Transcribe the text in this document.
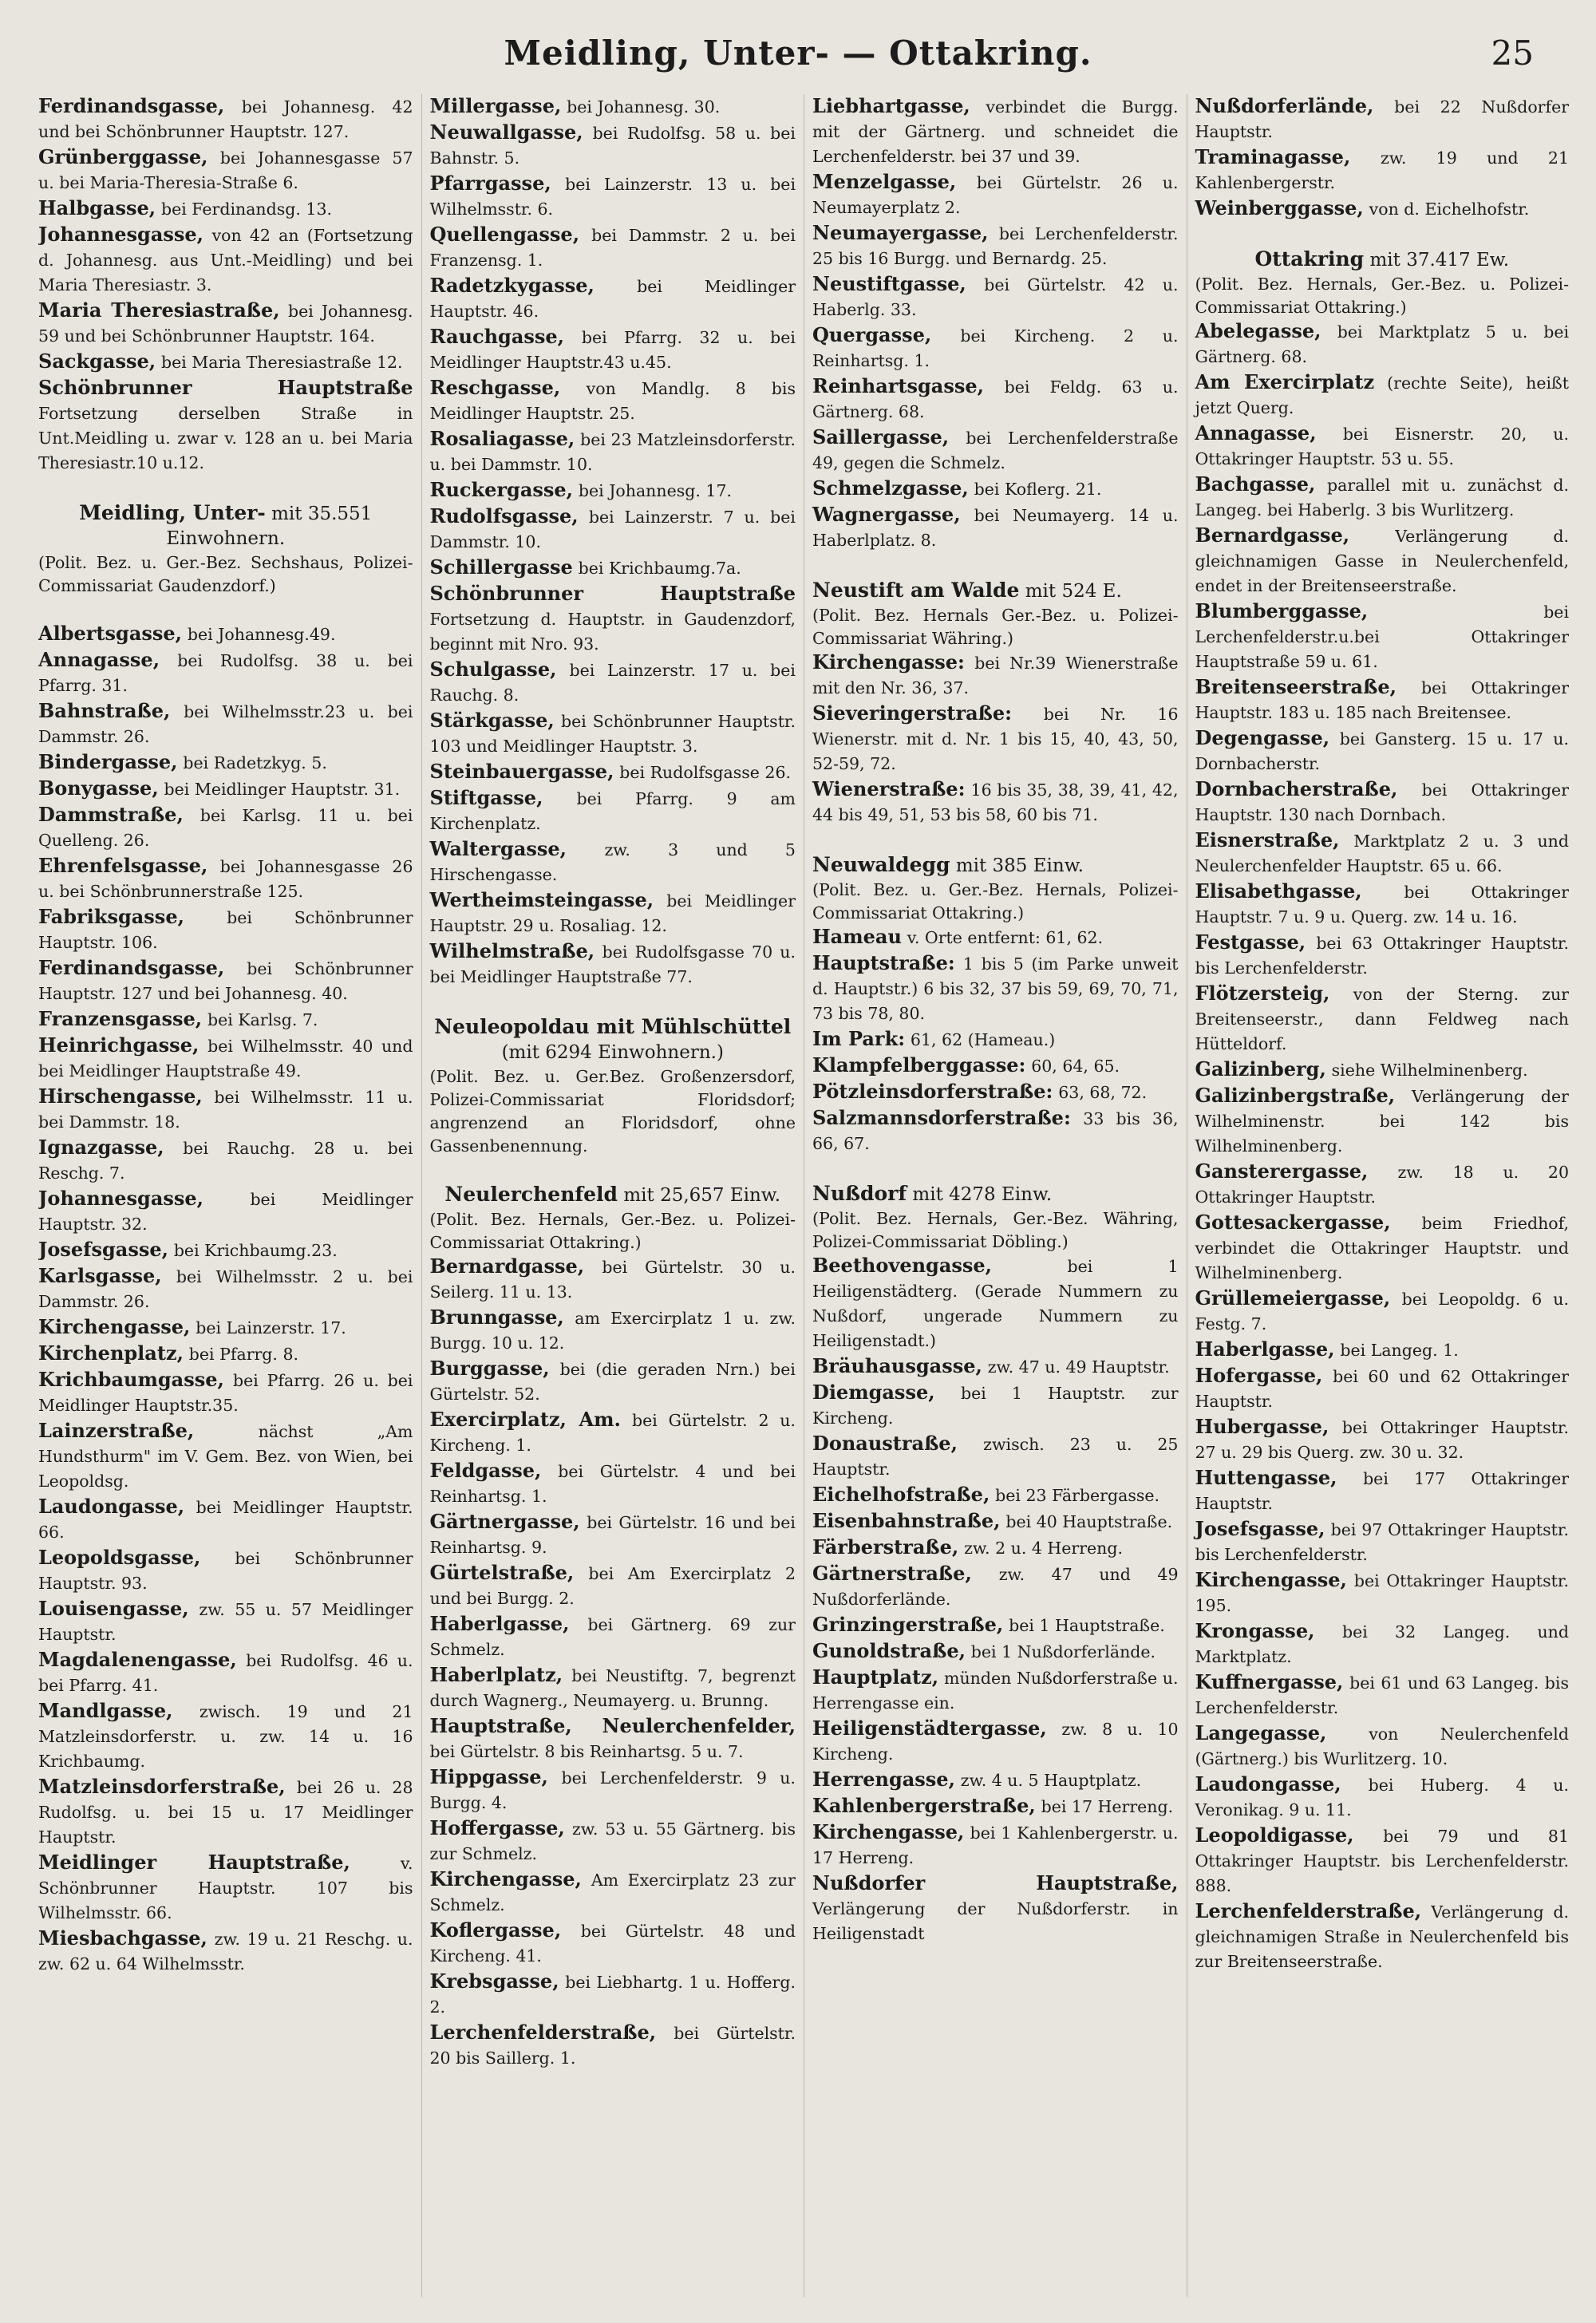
Meidling, Unter- — Ottakring.	25
Ferdinandsgasse, bei Johannesg. 42 und bei Schönbrunner Hauptstr. 127.
Grünberggasse, bei Johannesgasse 57 u. bei Maria-Theresia-Straße 6.
Halbgasse, bei Ferdinandsg. 13.
Johannesgasse, von 42 an (Fortsetzung d. Johannesg. aus Unt.-Meidling) und bei Maria Theresiastr. 3.
Maria Theresiastraße, bei Johannesg. 59 und bei Schönbrunner Hauptstr. 164.
Sackgasse, bei Maria Theresiastraße 12.
Schönbrunner Hauptstraße Fortsetzung derselben Straße in Unt.Meidling u. zwar v. 128 an u. bei Maria Theresiastr.10 u.12.
Meidling, Unter- mit 35.551 Einwohnern.
(Polit. Bez. u. Ger.-Bez. Sechshaus, Polizei-Commissariat Gaudenzdorf.)
Albertsgasse, bei Johannesg.49.
Annagasse, bei Rudolfsg. 38 u. bei Pfarrg. 31.
Bahnstraße, bei Wilhelmsstr.23 u. bei Dammstr. 26.
Bindergasse, bei Radetzkyg. 5.
Bonygasse, bei Meidlinger Hauptstr. 31.
Dammstraße, bei Karlsg. 11 u. bei Quelleng. 26.
Ehrenfelsgasse, bei Johannesgasse 26 u. bei Schönbrunnerstraße 125.
Fabriksgasse,	bei Schönbrunner Hauptstr. 106.
Ferdinandsgasse, bei Schönbrunner Hauptstr. 127 und bei Johannesg. 40.
Franzensgasse, bei Karlsg. 7.
Heinrichgasse, bei Wilhelmsstr. 40 und bei Meidlinger Hauptstraße 49.
Hirschengasse, bei Wilhelmsstr. 11 u. bei Dammstr. 18.
Ignazgasse, bei Rauchg. 28 u. bei Reschg. 7.
Johannesgasse,	bei Meidlinger Hauptstr. 32.
Josefsgasse, bei Krichbaumg.23.
Karlsgasse, bei Wilhelmsstr. 2 u. bei Dammstr. 26.
Kirchengasse, bei Lainzerstr. 17.
Kirchenplatz, bei Pfarrg. 8.
Krichbaumgasse, bei Pfarrg. 26 u. bei Meidlinger Hauptstr.35.
Lainzerstraße,	nächst „Am Hundsthurm" im V. Gem. Bez. von Wien, bei Leopoldsg.
Laudongasse, bei Meidlinger Hauptstr. 66.
Leopoldsgasse, bei Schönbrunner Hauptstr. 93.
Louisengasse, zw. 55 u. 57 Meidlinger Hauptstr.
Magdalenengasse, bei Rudolfsg. 46 u. bei Pfarrg. 41.
Mandlgasse, zwisch. 19 und 21 Matzleinsdorferstr. u. zw. 14 u. 16 Krichbaumg.
Matzleinsdorferstraße, bei 26 u. 28 Rudolfsg. u. bei 15 u. 17 Meidlinger Hauptstr.
Meidlinger Hauptstraße,	v. Schönbrunner Hauptstr. 107 bis Wilhelmsstr. 66.
Miesbachgasse, zw. 19 u. 21 Reschg. u. zw. 62 u. 64 Wilhelmsstr.
Millergasse, bei Johannesg. 30.
Neuwallgasse, bei Rudolfsg. 58 u. bei Bahnstr. 5.
Pfarrgasse, bei Lainzerstr. 13 u. bei Wilhelmsstr. 6.
Quellengasse, bei Dammstr. 2 u. bei Franzensg. 1.
Radetzkygasse,	bei Meidlinger Hauptstr. 46.
Rauchgasse, bei Pfarrg. 32 u. bei Meidlinger Hauptstr.43 u.45.
Reschgasse, von Mandlg. 8 bis Meidlinger Hauptstr. 25.
Rosaliagasse, bei 23 Matzleinsdorferstr. u. bei Dammstr. 10.
Ruckergasse, bei Johannesg. 17.
Rudolfsgasse, bei Lainzerstr. 7 u. bei Dammstr. 10.
Schillergasse bei Krichbaumg.7a.
Schönbrunner Hauptstraße Fortsetzung d. Hauptstr. in Gaudenzdorf, beginnt mit Nro. 93.
Schulgasse, bei Lainzerstr. 17 u. bei Rauchg. 8.
Stärkgasse, bei Schönbrunner Hauptstr. 103 und Meidlinger Hauptstr. 3.
Steinbauergasse, bei Rudolfsgasse 26.
Stiftgasse, bei Pfarrg. 9 am Kirchenplatz.
Waltergasse, zw. 3 und 5 Hirschengasse.
Wertheimsteingasse, bei Meidlinger Hauptstr. 29 u. Rosaliag. 12.
Wilhelmstraße, bei Rudolfsgasse 70 u. bei Meidlinger Hauptstraße 77.
Neuleopoldau mit Mühlschüttel (mit 6294 Einwohnern.)
(Polit. Bez. u. Ger.Bez. Großenzersdorf, Polizei-Commissariat Floridsdorf; angrenzend an Floridsdorf, ohne Gassenbenennung.
Neulerchenfeld mit 25,657 Einw.
(Polit. Bez. Hernals, Ger.-Bez. u. Polizei-Commissariat Ottakring.)
Bernardgasse, bei Gürtelstr. 30 u. Seilerg. 11 u. 13.
Brunngasse, am Exercirplatz 1 u. zw. Burgg. 10 u. 12.
Burggasse, bei (die geraden Nrn.) bei Gürtelstr. 52.
Exercirplatz, Am. bei Gürtelstr. 2 u. Kircheng. 1.
Feldgasse, bei Gürtelstr. 4 und bei Reinhartsg. 1.
Gärtnergasse, bei Gürtelstr. 16 und bei Reinhartsg. 9.
Gürtelstraße, bei Am Exercirplatz 2 und bei Burgg. 2.
Haberlgasse, bei Gärtnerg. 69 zur Schmelz.
Haberlplatz, bei Neustiftg. 7, begrenzt durch Wagnerg., Neumayerg. u. Brunng.
Hauptstraße, Neulerchenfelder, bei Gürtelstr. 8 bis Reinhartsg. 5 u. 7.
Hippgasse, bei Lerchenfelderstr. 9 u. Burgg. 4.
Hoffergasse, zw. 53 u. 55 Gärtnerg. bis zur Schmelz.
Kirchengasse, Am Exercirplatz 23 zur Schmelz.
Koflergasse, bei Gürtelstr. 48 und Kircheng. 41.
Krebsgasse, bei Liebhartg. 1 u. Hofferg. 2.
Lerchenfelderstraße, bei Gürtelstr. 20 bis Saillerg. 1.
Liebhartgasse, verbindet die Burgg. mit der Gärtnerg. und schneidet die Lerchenfelderstr. bei 37 und 39.
Menzelgasse, bei Gürtelstr. 26 u. Neumayerplatz 2.
Neumayergasse, bei Lerchenfelderstr. 25 bis 16 Burgg. und Bernardg. 25.
Neustiftgasse, bei Gürtelstr. 42 u. Haberlg. 33.
Quergasse, bei Kircheng. 2 u. Reinhartsg. 1.
Reinhartsgasse, bei Feldg. 63 u. Gärtnerg. 68.
Saillergasse, bei Lerchenfelderstraße 49, gegen die Schmelz.
Schmelzgasse, bei Koflerg. 21.
Wagnergasse, bei Neumayerg. 14 u. Haberlplatz. 8.
Neustift am Walde mit 524 E.
(Polit. Bez. Hernals Ger.-Bez. u. Polizei-Commissariat Währing.)
Kirchengasse: bei Nr.39 Wienerstraße mit den Nr. 36, 37.
Sieveringerstraße: bei Nr. 16 Wienerstr. mit d. Nr. 1 bis 15, 40, 43, 50, 52-59, 72.
Wienerstraße: 16 bis 35, 38, 39, 41, 42, 44 bis 49, 51, 53 bis 58, 60 bis 71.
Neuwaldegg mit 385 Einw.
(Polit. Bez. u. Ger.-Bez. Hernals, Polizei-Commissariat Ottakring.)
Hameau v. Orte entfernt: 61, 62.
Hauptstraße: 1 bis 5 (im Parke unweit d. Hauptstr.) 6 bis 32, 37 bis 59, 69, 70, 71, 73 bis 78, 80.
Im Park: 61, 62 (Hameau.)
Klampfelberggasse: 60, 64, 65.
Pötzleinsdorferstraße: 63, 68, 72.
Salzmannsdorferstraße: 33 bis 36, 66, 67.
Nußdorf mit 4278 Einw.
(Polit. Bez. Hernals, Ger.-Bez. Währing, Polizei-Commissariat Döbling.)
Beethovengasse,	bei 1 Heiligenstädterg. (Gerade Nummern zu Nußdorf, ungerade Nummern zu Heiligenstadt.)
Bräuhausgasse, zw. 47 u. 49 Hauptstr.
Diemgasse, bei 1 Hauptstr. zur Kircheng.
Donaustraße, zwisch. 23 u. 25 Hauptstr.
Eichelhofstraße, bei 23 Färbergasse.
Eisenbahnstraße, bei 40 Hauptstraße.
Färberstraße, zw. 2 u. 4 Herreng.
Gärtnerstraße, zw. 47 und 49 Nußdorferlände.
Grinzingerstraße, bei 1 Hauptstraße.
Gunoldstraße, bei 1 Nußdorferlände.
Hauptplatz, münden Nußdorferstraße u. Herrengasse ein.
Heiligenstädtergasse, zw. 8 u. 10 Kircheng.
Herrengasse, zw. 4 u. 5 Hauptplatz.
Kahlenbergerstraße, bei 17 Herreng.
Kirchengasse, bei 1 Kahlenbergerstr. u. 17 Herreng.
Nußdorfer Hauptstraße, Verlängerung der Nußdorferstr. in Heiligenstadt
Nußdorferlände, bei 22 Nußdorfer Hauptstr.
Traminagasse, zw. 19 und 21 Kahlenbergerstr.
Weinberggasse, von d. Eichelhofstr.
Ottakring mit 37.417 Ew.
(Polit. Bez. Hernals, Ger.-Bez. u. Polizei-Commissariat Ottakring.)
Abelegasse, bei Marktplatz 5 u. bei Gärtnerg. 68.
Am Exercirplatz (rechte Seite), heißt jetzt Querg.
Annagasse, bei Eisnerstr. 20, u. Ottakringer Hauptstr. 53 u. 55.
Bachgasse, parallel mit u. zunächst d. Langeg. bei Haberlg. 3 bis Wurlitzerg.
Bernardgasse,	Verlängerung d. gleichnamigen Gasse in Neulerchenfeld, endet in der Breitenseerstraße.
Blumberggasse,	bei Lerchenfelderstr.u.bei Ottakringer Hauptstraße 59 u. 61.
Breitenseerstraße, bei Ottakringer Hauptstr. 183 u. 185 nach Breitensee.
Degengasse, bei Gansterg. 15 u. 17 u. Dornbacherstr.
Dornbacherstraße, bei Ottakringer Hauptstr. 130 nach Dornbach.
Eisnerstraße, Marktplatz 2 u. 3 und Neulerchenfelder Hauptstr. 65 u. 66.
Elisabethgasse,	bei Ottakringer Hauptstr. 7 u. 9 u. Querg. zw. 14 u. 16.
Festgasse, bei 63 Ottakringer Hauptstr. bis Lerchenfelderstr.
Flötzersteig, von der Sterng. zur Breitenseerstr., dann Feldweg nach Hütteldorf.
Galizinberg, siehe Wilhelminenberg.
Galizinbergstraße, Verlängerung der Wilhelminenstr. bei 142 bis Wilhelminenberg.
Gansterergasse, zw. 18 u. 20 Ottakringer Hauptstr.
Gottesackergasse, beim Friedhof, verbindet die Ottakringer Hauptstr. und Wilhelminenberg.
Grüllemeiergasse, bei Leopoldg. 6 u. Festg. 7.
Haberlgasse, bei Langeg. 1.
Hofergasse, bei 60 und 62 Ottakringer Hauptstr.
Hubergasse, bei Ottakringer Hauptstr. 27 u. 29 bis Querg. zw. 30 u. 32.
Huttengasse, bei 177 Ottakringer Hauptstr.
Josefsgasse, bei 97 Ottakringer Hauptstr. bis Lerchenfelderstr.
Kirchengasse, bei Ottakringer Hauptstr. 195.
Krongasse, bei 32 Langeg. und Marktplatz.
Kuffnergasse, bei 61 und 63 Langeg. bis Lerchenfelderstr.
Langegasse,	von Neulerchenfeld (Gärtnerg.) bis Wurlitzerg. 10.
Laudongasse, bei Huberg. 4 u. Veronikag. 9 u. 11.
Leopoldigasse, bei 79 und 81 Ottakringer Hauptstr. bis Lerchenfelderstr. 888.
Lerchenfelderstraße, Verlängerung d. gleichnamigen Straße in Neulerchenfeld bis zur Breitenseerstraße.
